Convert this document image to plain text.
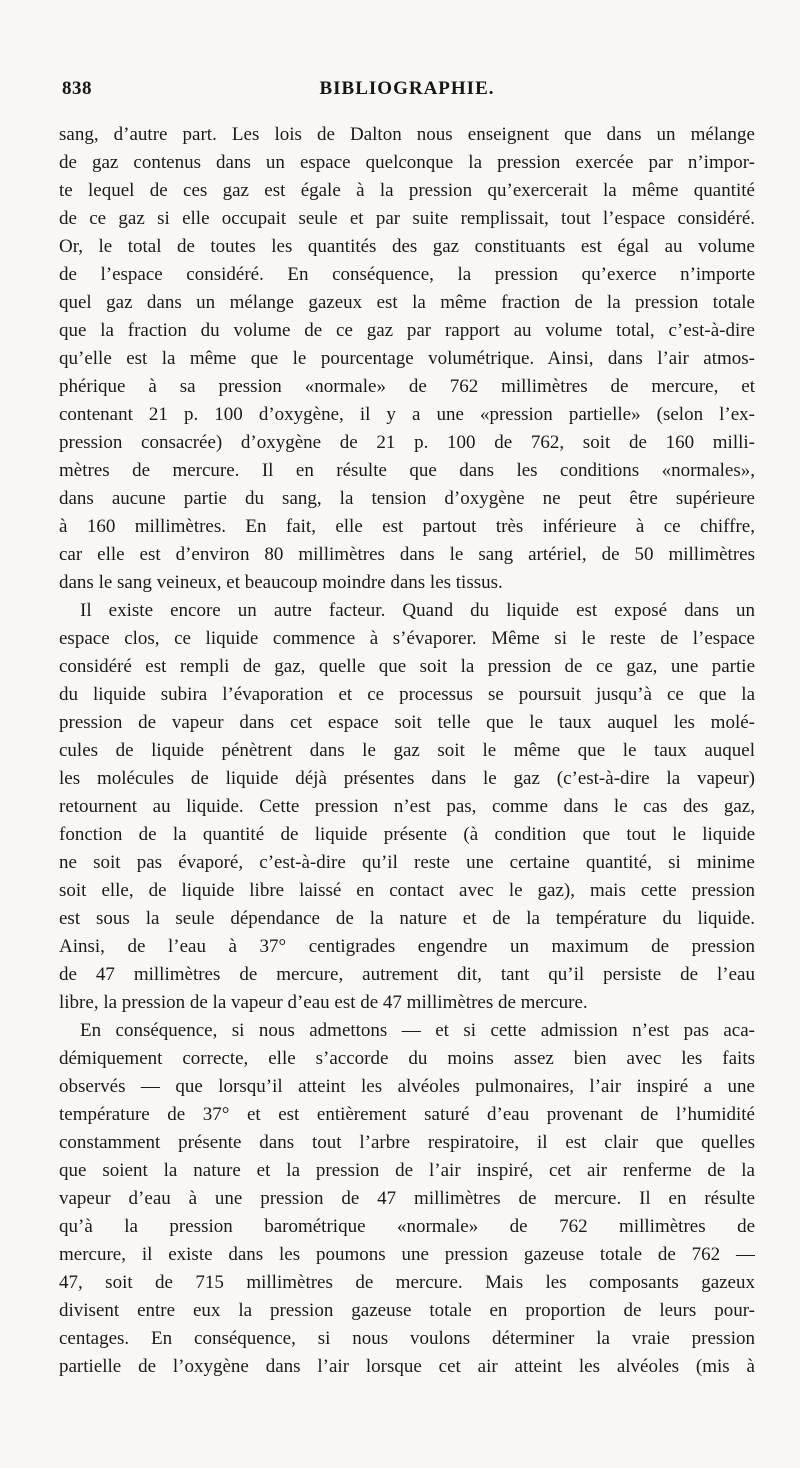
838	BIBLIOGRAPHIE.
sang, d’autre part. Les lois de Dalton nous enseignent que dans un mélange
de gaz contenus dans un espace quelconque la pression exercée par n’impor-
te lequel de ces gaz est égale à la pression qu’exercerait la même quantité
de ce gaz si elle occupait seule et par suite remplissait, tout l’espace considéré.
Or, le total de toutes les quantités des gaz constituants est égal au volume
de l’espace considéré. En conséquence, la pression qu’exerce n’importe
quel gaz dans un mélange gazeux est la même fraction de la pression totale
que la fraction du volume de ce gaz par rapport au volume total, c’est-à-dire
qu’elle est la même que le pourcentage volumétrique. Ainsi, dans l’air atmos-
phérique à sa pression «normale» de 762 millimètres de mercure, et
contenant 21 p. 100 d’oxygène, il y a une «pression partielle» (selon l’ex-
pression consacrée) d’oxygène de 21 p. 100 de 762, soit de 160 milli-
mètres de mercure. Il en résulte que dans les conditions «normales»,
dans aucune partie du sang, la tension d’oxygène ne peut être supérieure
à 160 millimètres. En fait, elle est partout très inférieure à ce chiffre,
car elle est d’environ 80 millimètres dans le sang artériel, de 50 millimètres
dans le sang veineux, et beaucoup moindre dans les tissus.
Il existe encore un autre facteur. Quand du liquide est exposé dans un
espace clos, ce liquide commence à s’évaporer. Même si le reste de l’espace
considéré est rempli de gaz, quelle que soit la pression de ce gaz, une partie
du liquide subira l’évaporation et ce processus se poursuit jusqu’à ce que la
pression de vapeur dans cet espace soit telle que le taux auquel les molé-
cules de liquide pénètrent dans le gaz soit le même que le taux auquel
les molécules de liquide déjà présentes dans le gaz (c’est-à-dire la vapeur)
retournent au liquide. Cette pression n’est pas, comme dans le cas des gaz,
fonction de la quantité de liquide présente (à condition que tout le liquide
ne soit pas évaporé, c’est-à-dire qu’il reste une certaine quantité, si minime
soit elle, de liquide libre laissé en contact avec le gaz), mais cette pression
est sous la seule dépendance de la nature et de la température du liquide.
Ainsi, de l’eau à 37° centigrades engendre un maximum de pression
de 47 millimètres de mercure, autrement dit, tant qu’il persiste de l’eau
libre, la pression de la vapeur d’eau est de 47 millimètres de mercure.
En conséquence, si nous admettons — et si cette admission n’est pas aca-
démiquement correcte, elle s’accorde du moins assez bien avec les faits
observés — que lorsqu’il atteint les alvéoles pulmonaires, l’air inspiré a une
température de 37° et est entièrement saturé d’eau provenant de l’humidité
constamment présente dans tout l’arbre respiratoire, il est clair que quelles
que soient la nature et la pression de l’air inspiré, cet air renferme de la
vapeur d’eau à une pression de 47 millimètres de mercure. Il en résulte
qu’à la pression barométrique «normale» de 762 millimètres de
mercure, il existe dans les poumons une pression gazeuse totale de 762 —
47, soit de 715 millimètres de mercure. Mais les composants gazeux
divisent entre eux la pression gazeuse totale en proportion de leurs pour-
centages. En conséquence, si nous voulons déterminer la vraie pression
partielle de l’oxygène dans l’air lorsque cet air atteint les alvéoles (mis à
